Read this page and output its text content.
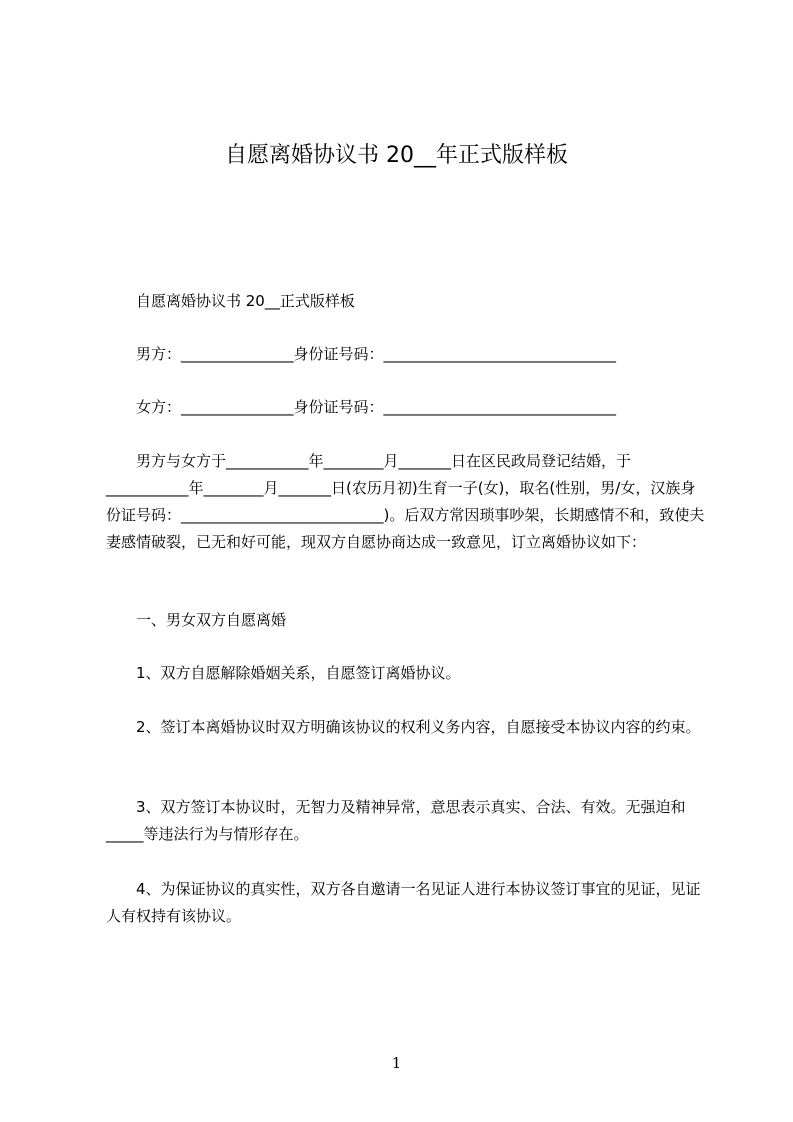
自愿离婚协议书 20__年正式版样板

自愿离婚协议书 20__正式版样板

男方：_______________身份证号码：_______________________________

女方：_______________身份证号码：_______________________________

男方与女方于___________年________月_______日在区民政局登记结婚，于___________年________月_______日(农历月初)生育一子(女)，取名(性别，男/女，汉族身份证号码：___________________________)。后双方常因琐事吵架，长期感情不和，致使夫妻感情破裂，已无和好可能，现双方自愿协商达成一致意见，订立离婚协议如下：

一、男女双方自愿离婚

1、双方自愿解除婚姻关系，自愿签订离婚协议。

2、签订本离婚协议时双方明确该协议的权利义务内容，自愿接受本协议内容的约束。

3、双方签订本协议时，无智力及精神异常，意思表示真实、合法、有效。无强迫和_____等违法行为与情形存在。

4、为保证协议的真实性，双方各自邀请一名见证人进行本协议签订事宜的见证，见证人有权持有该协议。

1
